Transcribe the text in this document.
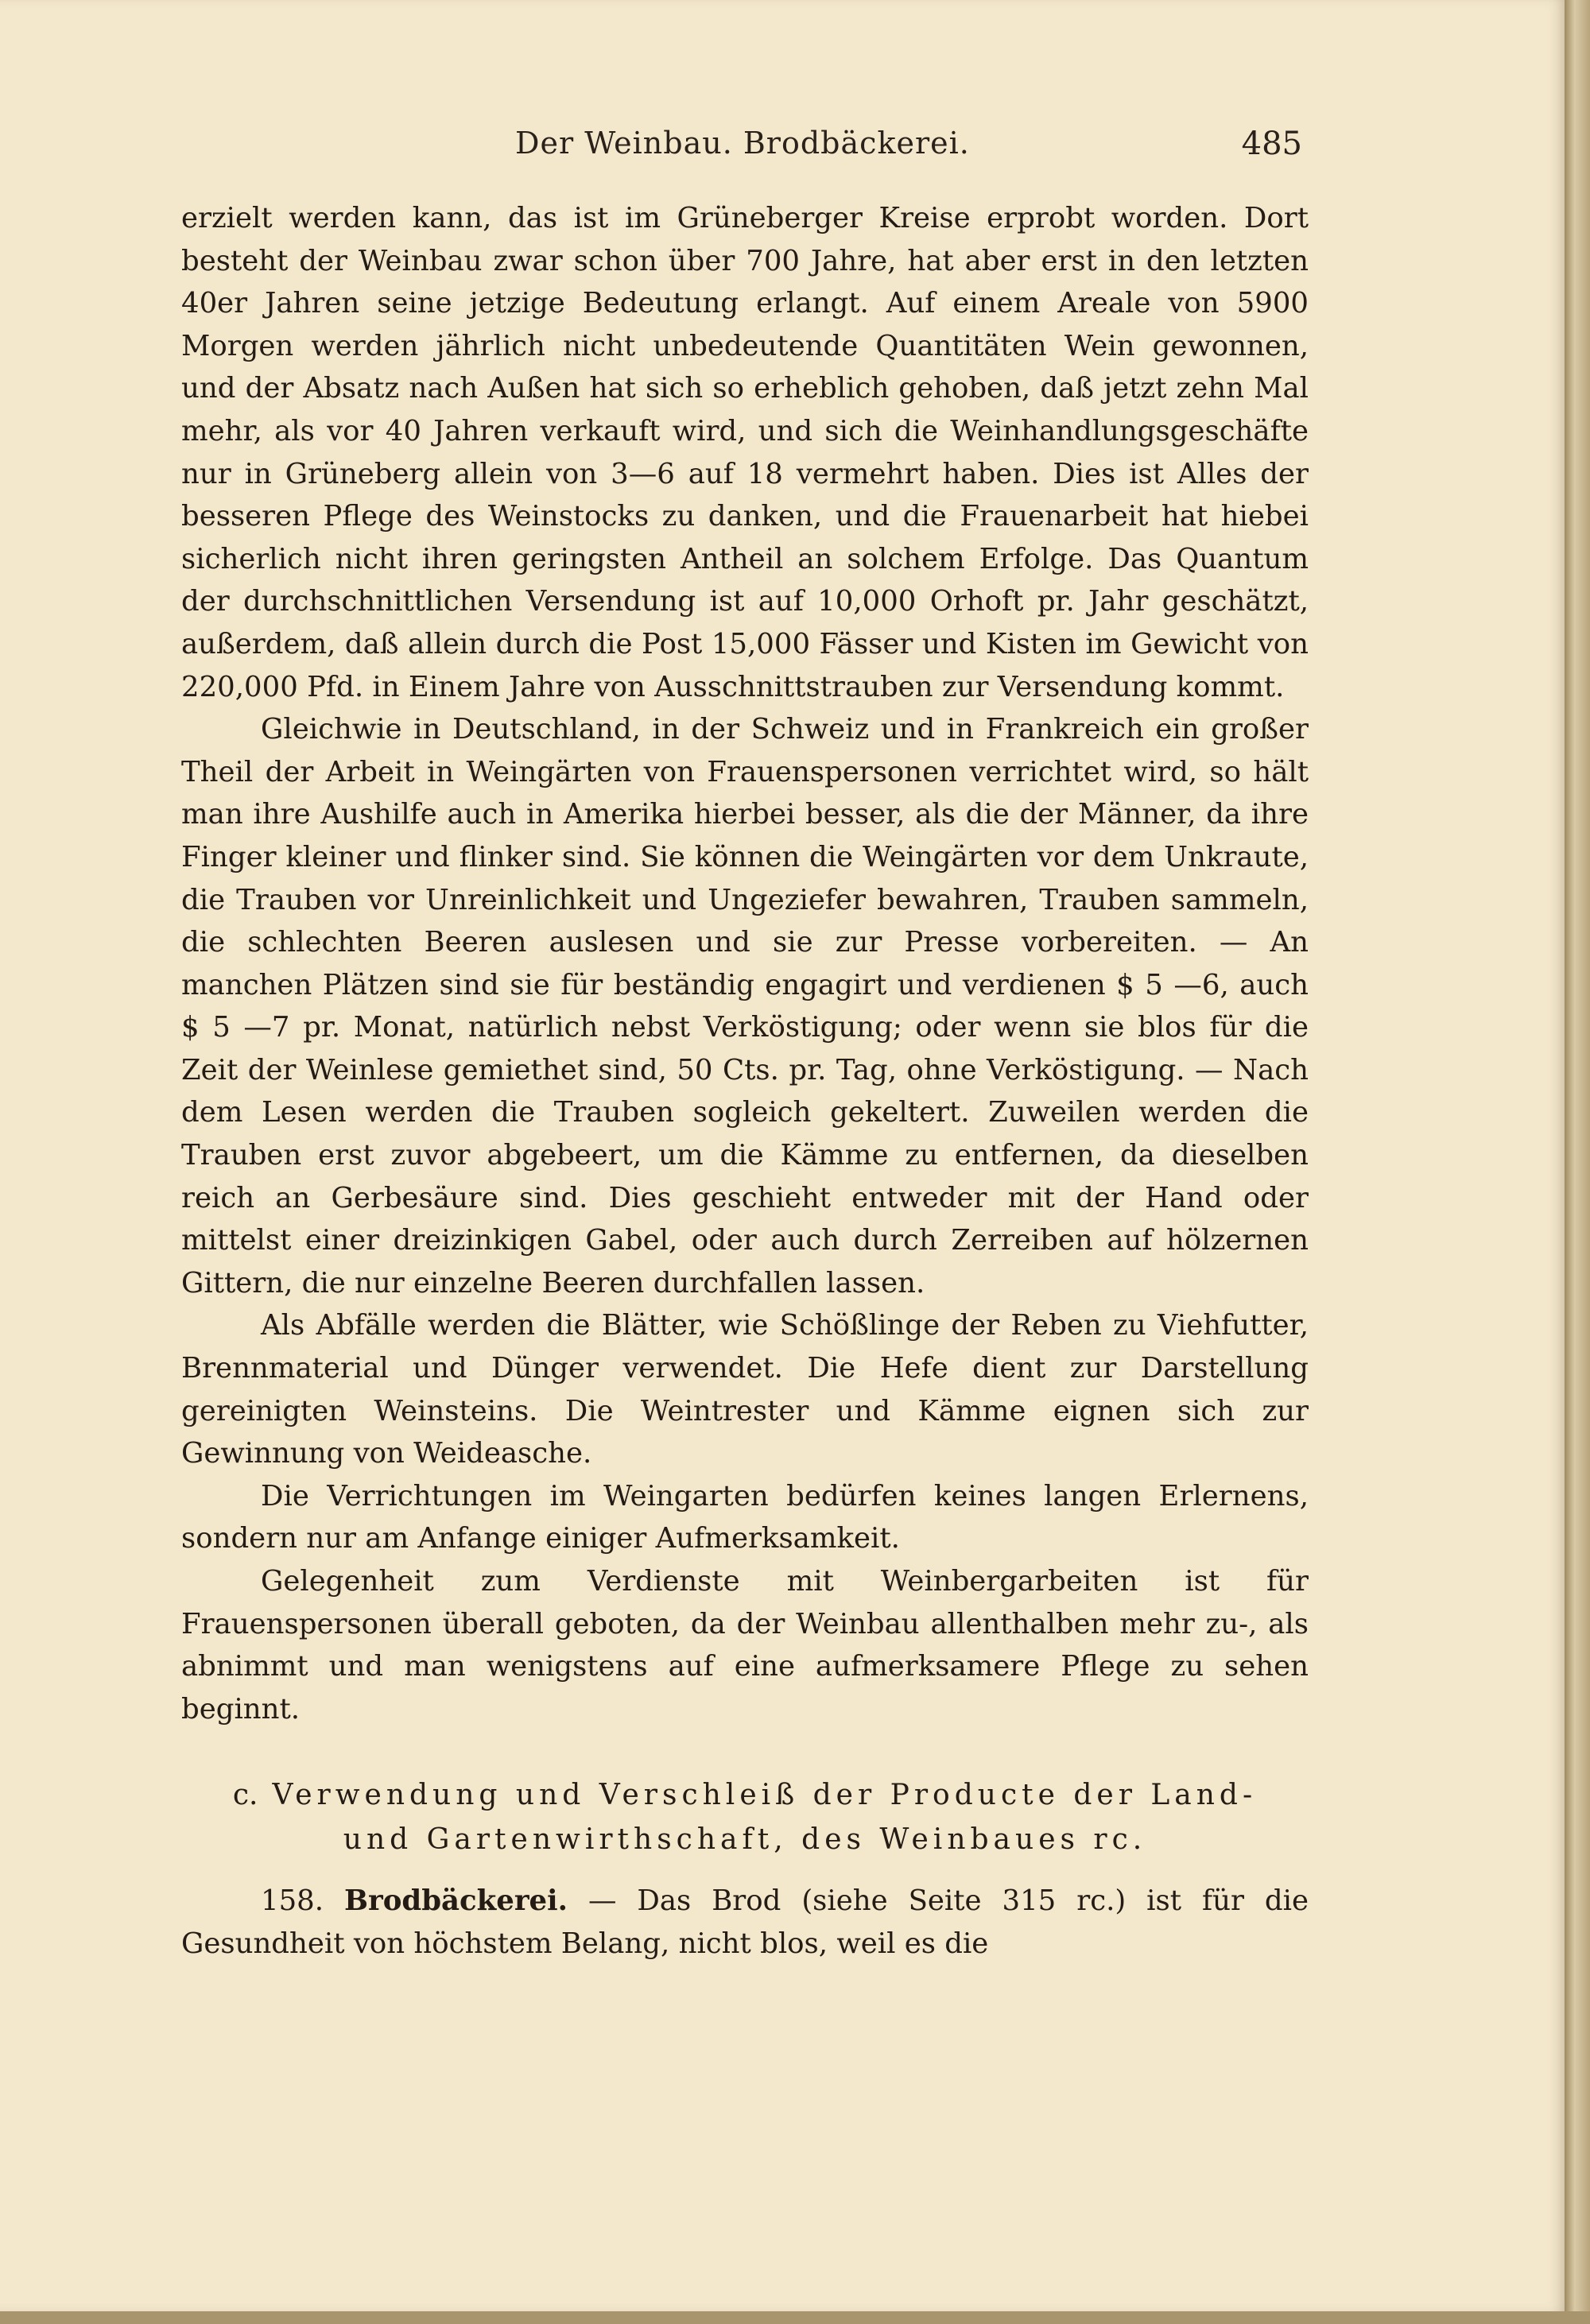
Der Weinbau. Brodbäckerei.	485

erzielt werden kann, das ist im Grüneberger Kreise erprobt worden. Dort besteht der Weinbau zwar schon über 700 Jahre, hat aber erst in den letzten 40er Jahren seine jetzige Bedeutung erlangt. Auf einem Areale von 5900 Morgen werden jährlich nicht unbedeutende Quantitäten Wein gewonnen, und der Absatz nach Außen hat sich so erheblich gehoben, daß jetzt zehn Mal mehr, als vor 40 Jahren verkauft wird, und sich die Weinhandlungsgeschäfte nur in Grüneberg allein von 3—6 auf 18 vermehrt haben. Dies ist Alles der besseren Pflege des Weinstocks zu danken, und die Frauenarbeit hat hiebei sicherlich nicht ihren geringsten Antheil an solchem Erfolge. Das Quantum der durchschnittlichen Versendung ist auf 10,000 Orhoft pr. Jahr geschätzt, außerdem, daß allein durch die Post 15,000 Fässer und Kisten im Gewicht von 220,000 Pfd. in Einem Jahre von Ausschnittstrauben zur Versendung kommt.

Gleichwie in Deutschland, in der Schweiz und in Frankreich ein großer Theil der Arbeit in Weingärten von Frauenspersonen verrichtet wird, so hält man ihre Aushilfe auch in Amerika hierbei besser, als die der Männer, da ihre Finger kleiner und flinker sind. Sie können die Weingärten vor dem Unkraute, die Trauben vor Unreinlichkeit und Ungeziefer bewahren, Trauben sammeln, die schlechten Beeren auslesen und sie zur Presse vorbereiten. — An manchen Plätzen sind sie für beständig engagirt und verdienen $ 5 —6, auch $ 5 —7 pr. Monat, natürlich nebst Verköstigung; oder wenn sie blos für die Zeit der Weinlese gemiethet sind, 50 Cts. pr. Tag, ohne Verköstigung. — Nach dem Lesen werden die Trauben sogleich gekeltert. Zuweilen werden die Trauben erst zuvor abgebeert, um die Kämme zu entfernen, da dieselben reich an Gerbesäure sind. Dies geschieht entweder mit der Hand oder mittelst einer dreizinkigen Gabel, oder auch durch Zerreiben auf hölzernen Gittern, die nur einzelne Beeren durchfallen lassen.

Als Abfälle werden die Blätter, wie Schößlinge der Reben zu Viehfutter, Brennmaterial und Dünger verwendet. Die Hefe dient zur Darstellung gereinigten Weinsteins. Die Weintrester und Kämme eignen sich zur Gewinnung von Weideasche.

Die Verrichtungen im Weingarten bedürfen keines langen Erlernens, sondern nur am Anfange einiger Aufmerksamkeit.

Gelegenheit zum Verdienste mit Weinbergarbeiten ist für Frauenspersonen überall geboten, da der Weinbau allenthalben mehr zu-, als abnimmt und man wenigstens auf eine aufmerksamere Pflege zu sehen beginnt.

c. Verwendung und Verschleiß der Producte der Land-
und Gartenwirthschaft, des Weinbaues rc.

158. Brodbäckerei. — Das Brod (siehe Seite 315 rc.) ist für die Gesundheit von höchstem Belang, nicht blos, weil es die
